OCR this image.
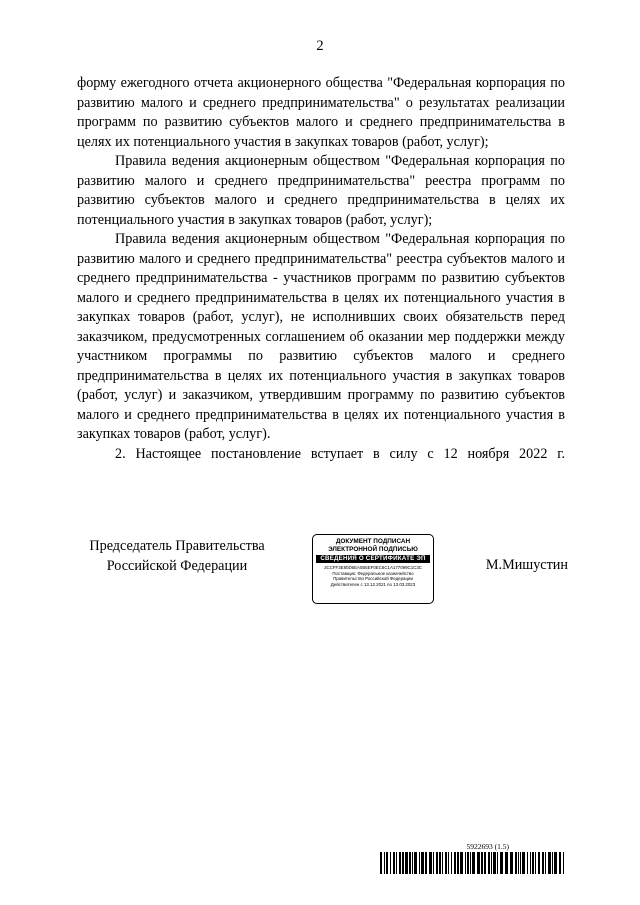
2

форму ежегодного отчета акционерного общества "Федеральная корпорация по развитию малого и среднего предпринимательства" о результатах реализации программ по развитию субъектов малого и среднего предпринимательства в целях их потенциального участия в закупках товаров (работ, услуг);

Правила ведения акционерным обществом "Федеральная корпорация по развитию малого и среднего предпринимательства" реестра программ по развитию субъектов малого и среднего предпринимательства в целях их потенциального участия в закупках товаров (работ, услуг);

Правила ведения акционерным обществом "Федеральная корпорация по развитию малого и среднего предпринимательства" реестра субъектов малого и среднего предпринимательства - участников программ по развитию субъектов малого и среднего предпринимательства в целях их потенциального участия в закупках товаров (работ, услуг), не исполнивших своих обязательств перед заказчиком, предусмотренных соглашением об оказании мер поддержки между участником программы по развитию субъектов малого и среднего предпринимательства в целях их потенциального участия в закупках товаров (работ, услуг) и заказчиком, утвердившим программу по развитию субъектов малого и среднего предпринимательства в целях их потенциального участия в закупках товаров (работ, услуг).

2. Настоящее постановление вступает в силу с 12 ноября 2022 г.

Председатель Правительства
Российской Федерации
ДОКУМЕНТ ПОДПИСАН
ЭЛЕКТРОННОЙ ПОДПИСЬЮ
СВЕДЕНИЯ О СЕРТИФИКАТЕ ЭП
2CCFF3E80D6EA0B5EF0EC6C1A177099C1C3C
Поставщик: Федеральное казначейство
Правительство Российской Федерации
Действителен с 13.12.2021 по 13.03.2023
М.Мишустин
5922693 (1.5)
